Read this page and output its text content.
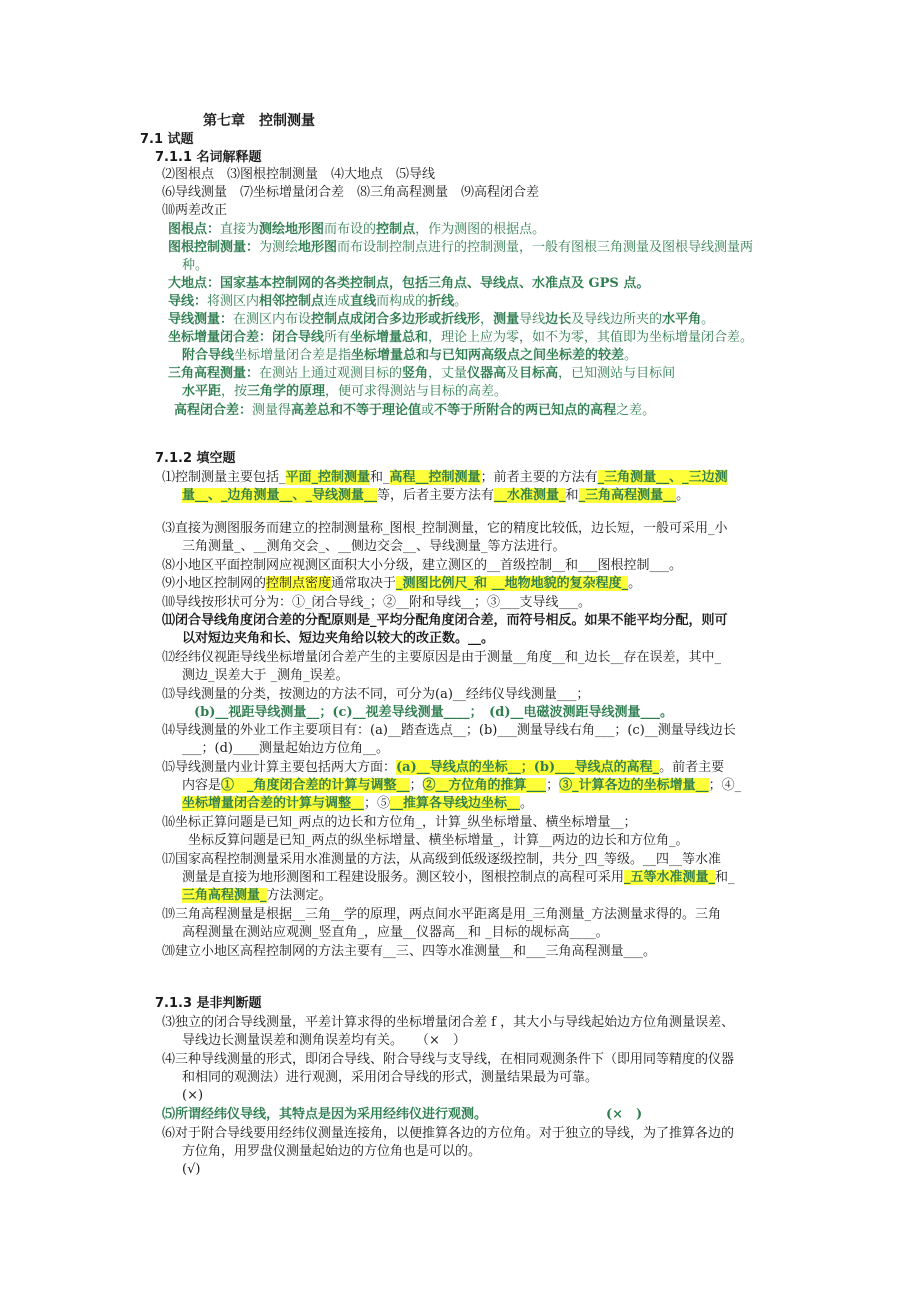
第七章　控制测量
7.1 试题
7.1.1 名词解释题
⑵图根点　⑶图根控制测量　⑷大地点　⑸导线
⑹导线测量　⑺坐标增量闭合差　⑻三角高程测量　⑼高程闭合差
⑽两差改正
图根点：直接为测绘地形图而布设的控制点，作为测图的根据点。
图根控制测量：为测绘地形图而布设制控制点进行的控制测量，一般有图根三角测量及图根导线测量两
种。
大地点：国家基本控制网的各类控制点，包括三角点、导线点、水准点及 GPS 点。
导线：将测区内相邻控制点连成直线而构成的折线。
导线测量：在测区内布设控制点成闭合多边形或折线形，测量导线边长及导线边所夹的水平角。
坐标增量闭合差：闭合导线所有坐标增量总和，理论上应为零，如不为零，其值即为坐标增量闭合差。
附合导线坐标增量闭合差是指坐标增量总和与已知两高级点之间坐标差的较差。
三角高程测量：在测站上通过观测目标的竖角，丈量仪器高及目标高，已知测站与目标间
水平距，按三角学的原理，便可求得测站与目标的高差。
高程闭合差：测量得高差总和不等于理论值或不等于所附合的两已知点的高程之差。
7.1.2 填空题
⑴控制测量主要包括_平面_控制测量和_高程__控制测量；前者主要的方法有_三角测量__、_三边测
量__、_边角测量__、_导线测量__等，后者主要方法有__水准测量_和_三角高程测量__。
⑶直接为测图服务而建立的控制测量称_图根_控制测量，它的精度比较低，边长短，一般可采用_小
三角测量_、__测角交会_、__侧边交会__、导线测量_等方法进行。
⑻小地区平面控制网应视测区面积大小分级，建立测区的__首级控制__和___图根控制___。
⑼小地区控制网的控制点密度通常取决于_测图比例尺_和 __地物地貌的复杂程度_。
⑽导线按形状可分为：①_闭合导线_；②__附和导线__；③___支导线___。
⑾闭合导线角度闭合差的分配原则是_平均分配角度闭合差，而符号相反。如果不能平均分配，则可
以对短边夹角和长、短边夹角给以较大的改正数。__。
⑿经纬仪视距导线坐标增量闭合差产生的主要原因是由于测量__角度__和_边长__存在误差，其中_
测边_误差大于 _测角_误差。
⒀导线测量的分类，按测边的方法不同，可分为(a)__经纬仪导线测量___；
(b)__视距导线测量__；(c)__视差导线测量____；　(d)__电磁波测距导线测量___。
⒁导线测量的外业工作主要项目有：(a)__踏查选点__；(b)___测量导线右角___；(c)__测量导线边长
___；(d)____测量起始边方位角__。
⒂导线测量内业计算主要包括两大方面：(a)__导线点的坐标__；(b)___导线点的高程_。前者主要
内容是①　_角度闭合差的计算与调整__；②__方位角的推算___；③_计算各边的坐标增量__；④_
坐标增量闭合差的计算与调整__；⑤__推算各导线边坐标__。
⒃坐标正算问题是已知_两点的边长和方位角_，计算_纵坐标增量、横坐标增量__；
坐标反算问题是已知_两点的纵坐标增量、横坐标增量_，计算__两边的边长和方位角_。
⒄国家高程控制测量采用水准测量的方法，从高级到低级逐级控制，共分_四_等级。__四__等水准
测量是直接为地形测图和工程建设服务。测区较小，图根控制点的高程可采用_五等水准测量_和_
三角高程测量_方法测定。
⒆三角高程测量是根据__三角__学的原理，两点间水平距离是用_三角测量_方法测量求得的。三角
高程测量在测站应观测_竖直角_，应量__仪器高__和 _目标的觇标高____。
⒇建立小地区高程控制网的方法主要有__三、四等水准测量__和___三角高程测量___。
7.1.3 是非判断题
⑶独立的闭合导线测量，平差计算求得的坐标增量闭合差 f ，其大小与导线起始边方位角测量误差、
导线边长测量误差和测角误差均有关。　　（×　）
⑷三种导线测量的形式，即闭合导线、附合导线与支导线，在相同观测条件下（即用同等精度的仪器
和相同的观测法）进行观测，采用闭合导线的形式，测量结果最为可靠。
(×)
⑸所谓经纬仪导线，其特点是因为采用经纬仪进行观测。	(×　)
⑹对于附合导线要用经纬仪测量连接角，以便推算各边的方位角。对于独立的导线，为了推算各边的
方位角，用罗盘仪测量起始边的方位角也是可以的。
(√)
